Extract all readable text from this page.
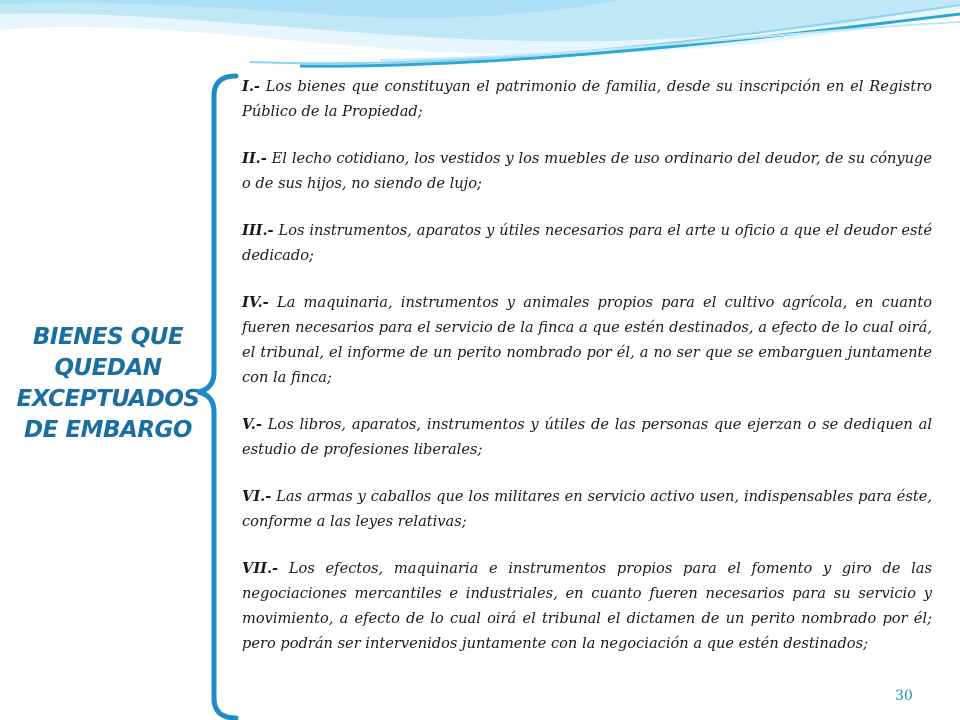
BIENES QUE
QUEDAN
EXCEPTUADOS
DE EMBARGO

I.- Los bienes que constituyan el patrimonio de familia, desde su inscripción en el Registro Público de la Propiedad;

II.- El lecho cotidiano, los vestidos y los muebles de uso ordinario del deudor, de su cónyuge o de sus hijos, no siendo de lujo;

III.- Los instrumentos, aparatos y útiles necesarios para el arte u oficio a que el deudor esté dedicado;

IV.- La maquinaria, instrumentos y animales propios para el cultivo agrícola, en cuanto fueren necesarios para el servicio de la finca a que estén destinados, a efecto de lo cual oirá, el tribunal, el informe de un perito nombrado por él, a no ser que se embarguen juntamente con la finca;

V.- Los libros, aparatos, instrumentos y útiles de las personas que ejerzan o se dediquen al estudio de profesiones liberales;

VI.- Las armas y caballos que los militares en servicio activo usen, indispensables para éste, conforme a las leyes relativas;

VII.- Los efectos, maquinaria e instrumentos propios para el fomento y giro de las negociaciones mercantiles e industriales, en cuanto fueren necesarios para su servicio y movimiento, a efecto de lo cual oirá el tribunal el dictamen de un perito nombrado por él; pero podrán ser intervenidos juntamente con la negociación a que estén destinados;

30
